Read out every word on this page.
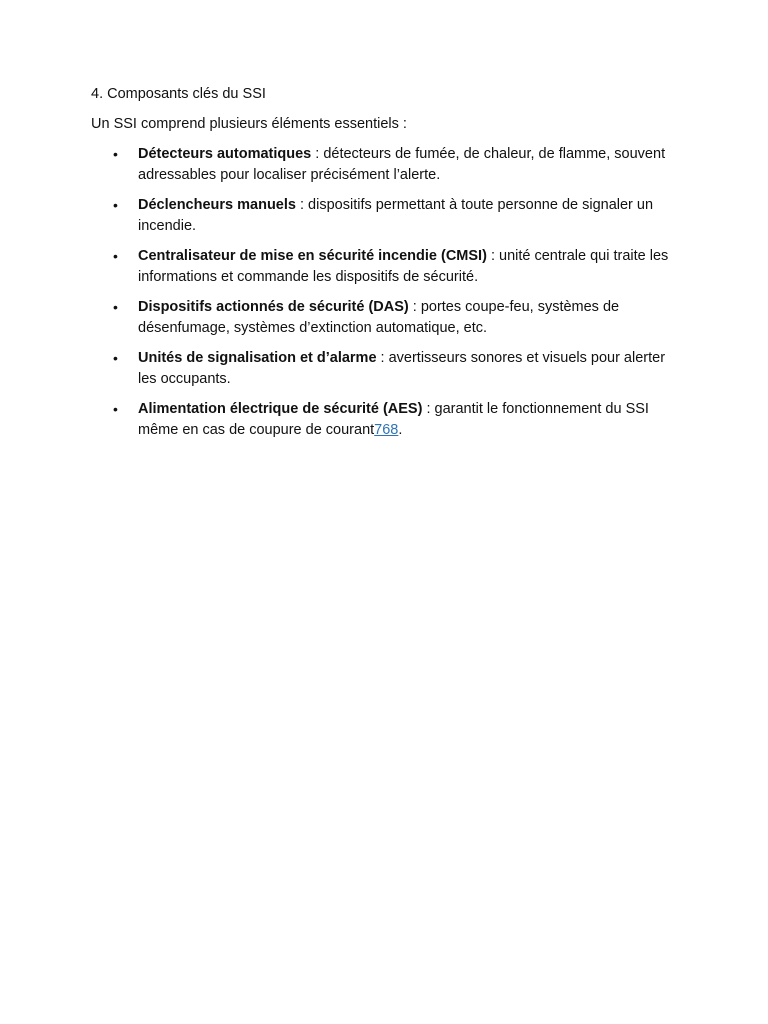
4. Composants clés du SSI

Un SSI comprend plusieurs éléments essentiels :

• Détecteurs automatiques : détecteurs de fumée, de chaleur, de flamme, souvent adressables pour localiser précisément l’alerte.
• Déclencheurs manuels : dispositifs permettant à toute personne de signaler un incendie.
• Centralisateur de mise en sécurité incendie (CMSI) : unité centrale qui traite les informations et commande les dispositifs de sécurité.
• Dispositifs actionnés de sécurité (DAS) : portes coupe-feu, systèmes de désenfumage, systèmes d’extinction automatique, etc.
• Unités de signalisation et d’alarme : avertisseurs sonores et visuels pour alerter les occupants.
• Alimentation électrique de sécurité (AES) : garantit le fonctionnement du SSI même en cas de coupure de courant768.
